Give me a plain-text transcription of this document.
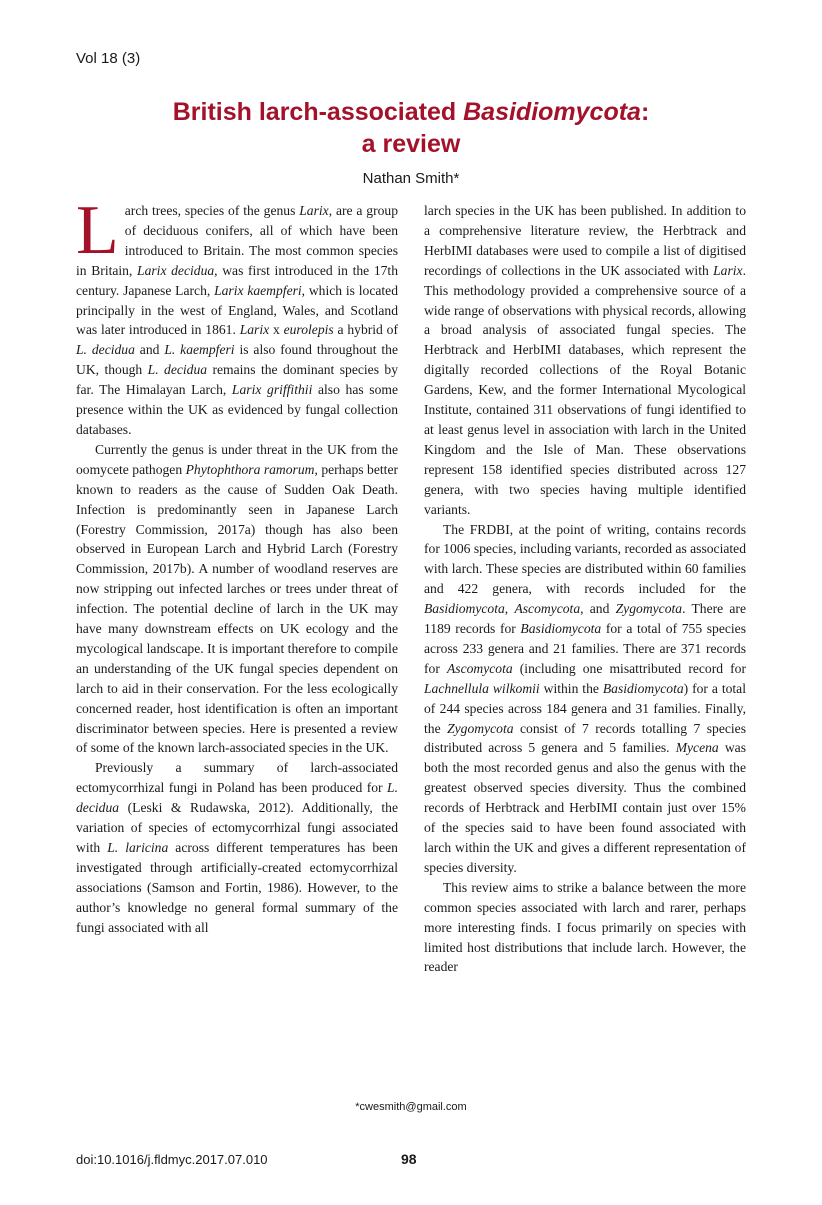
Vol 18 (3)
British larch-associated Basidiomycota:
a review
Nathan Smith*

Larch trees, species of the genus Larix, are a group of deciduous conifers, all of which have been introduced to Britain. The most common species in Britain, Larix decidua, was first introduced in the 17th century. Japanese Larch, Larix kaempferi, which is located principally in the west of England, Wales, and Scotland was later introduced in 1861. Larix x eurolepis a hybrid of L. decidua and L. kaempferi is also found throughout the UK, though L. decidua remains the dominant species by far. The Himalayan Larch, Larix griffithii also has some presence within the UK as evidenced by fungal collection databases.

Currently the genus is under threat in the UK from the oomycete pathogen Phytophthora ramorum, perhaps better known to readers as the cause of Sudden Oak Death. Infection is predominantly seen in Japanese Larch (Forestry Commission, 2017a) though has also been observed in European Larch and Hybrid Larch (Forestry Commission, 2017b). A number of woodland reserves are now stripping out infected larches or trees under threat of infection. The potential decline of larch in the UK may have many downstream effects on UK ecology and the mycological landscape. It is important therefore to compile an understanding of the UK fungal species dependent on larch to aid in their conservation. For the less ecologically concerned reader, host identification is often an important discriminator between species. Here is presented a review of some of the known larch-associated species in the UK.

Previously a summary of larch-associated ectomycorrhizal fungi in Poland has been produced for L. decidua (Leski & Rudawska, 2012). Additionally, the variation of species of ectomycorrhizal fungi associated with L. laricina across different temperatures has been investigated through artificially-created ectomycorrhizal associations (Samson and Fortin, 1986). However, to the author’s knowledge no general formal summary of the fungi associated with all

larch species in the UK has been published. In addition to a comprehensive literature review, the Herbtrack and HerbIMI databases were used to compile a list of digitised recordings of collections in the UK associated with Larix. This methodology provided a comprehensive source of a wide range of observations with physical records, allowing a broad analysis of associated fungal species. The Herbtrack and HerbIMI databases, which represent the digitally recorded collections of the Royal Botanic Gardens, Kew, and the former International Mycological Institute, contained 311 observations of fungi identified to at least genus level in association with larch in the United Kingdom and the Isle of Man. These observations represent 158 identified species distributed across 127 genera, with two species having multiple identified variants.

The FRDBI, at the point of writing, contains records for 1006 species, including variants, recorded as associated with larch. These species are distributed within 60 families and 422 genera, with records included for the Basidiomycota, Ascomycota, and Zygomycota. There are 1189 records for Basidiomycota for a total of 755 species across 233 genera and 21 families. There are 371 records for Ascomycota (including one misattributed record for Lachnellula wilkomii within the Basidiomycota) for a total of 244 species across 184 genera and 31 families. Finally, the Zygomycota consist of 7 records totalling 7 species distributed across 5 genera and 5 families. Mycena was both the most recorded genus and also the genus with the greatest observed species diversity. Thus the combined records of Herbtrack and HerbIMI contain just over 15% of the species said to have been found associated with larch within the UK and gives a different representation of species diversity.

This review aims to strike a balance between the more common species associated with larch and rarer, perhaps more interesting finds. I focus primarily on species with limited host distributions that include larch. However, the reader

*cwesmith@gmail.com
doi:10.1016/j.fldmyc.2017.07.010	98
